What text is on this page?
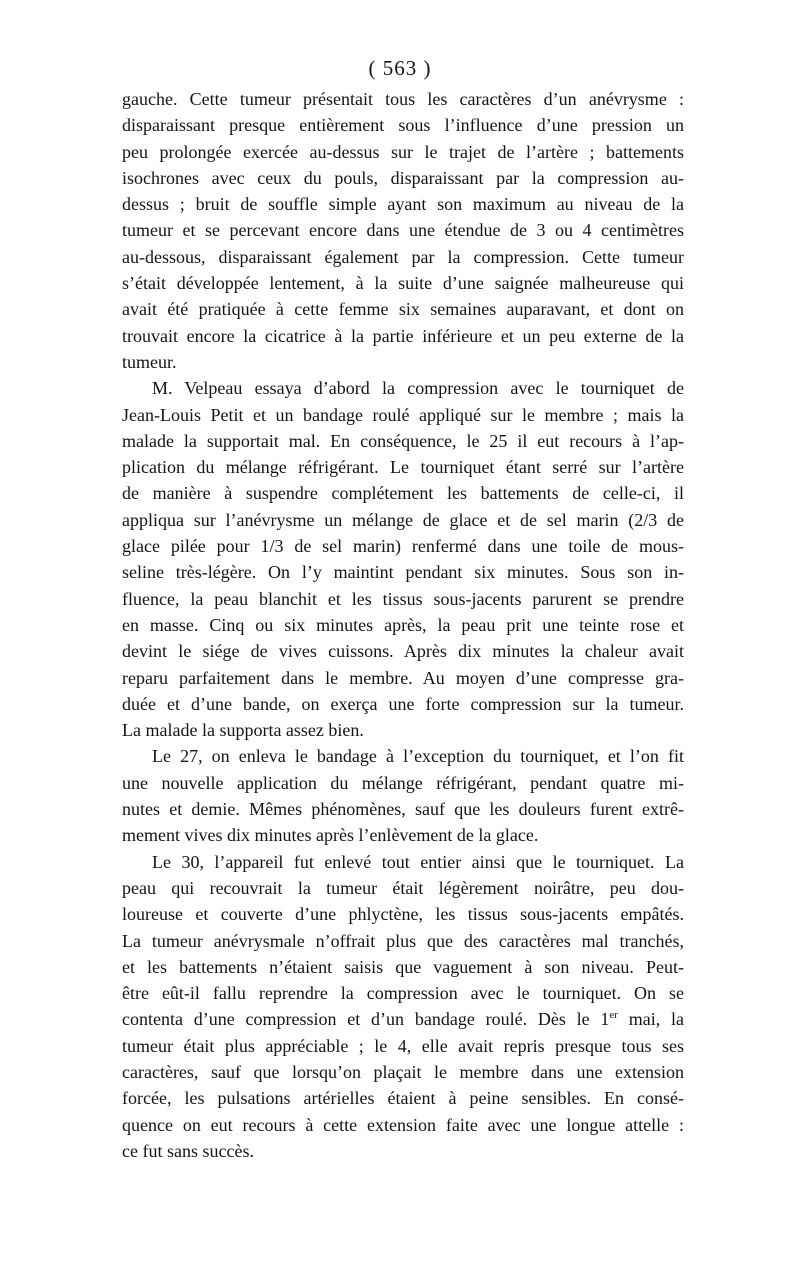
( 563 )
gauche. Cette tumeur présentait tous les caractères d’un anévrysme :
disparaissant presque entièrement sous l’influence d’une pression un
peu prolongée exercée au-dessus sur le trajet de l’artère ; battements
isochrones avec ceux du pouls, disparaissant par la compression au-
dessus ; bruit de souffle simple ayant son maximum au niveau de la
tumeur et se percevant encore dans une étendue de 3 ou 4 centimètres
au-dessous, disparaissant également par la compression. Cette tumeur
s’était développée lentement, à la suite d’une saignée malheureuse qui
avait été pratiquée à cette femme six semaines auparavant, et dont on
trouvait encore la cicatrice à la partie inférieure et un peu externe de la
tumeur.
M. Velpeau essaya d’abord la compression avec le tourniquet de
Jean-Louis Petit et un bandage roulé appliqué sur le membre ; mais la
malade la supportait mal. En conséquence, le 25 il eut recours à l’ap-
plication du mélange réfrigérant. Le tourniquet étant serré sur l’artère
de manière à suspendre complétement les battements de celle-ci, il
appliqua sur l’anévrysme un mélange de glace et de sel marin (2/3 de
glace pilée pour 1/3 de sel marin) renfermé dans une toile de mous-
seline très-légère. On l’y maintint pendant six minutes. Sous son in-
fluence, la peau blanchit et les tissus sous-jacents parurent se prendre
en masse. Cinq ou six minutes après, la peau prit une teinte rose et
devint le siége de vives cuissons. Après dix minutes la chaleur avait
reparu parfaitement dans le membre. Au moyen d’une compresse gra-
duée et d’une bande, on exerça une forte compression sur la tumeur.
La malade la supporta assez bien.
Le 27, on enleva le bandage à l’exception du tourniquet, et l’on fit
une nouvelle application du mélange réfrigérant, pendant quatre mi-
nutes et demie. Mêmes phénomènes, sauf que les douleurs furent extrê-
mement vives dix minutes après l’enlèvement de la glace.
Le 30, l’appareil fut enlevé tout entier ainsi que le tourniquet. La
peau qui recouvrait la tumeur était légèrement noirâtre, peu dou-
loureuse et couverte d’une phlyctène, les tissus sous-jacents empâtés.
La tumeur anévrysmale n’offrait plus que des caractères mal tranchés,
et les battements n’étaient saisis que vaguement à son niveau. Peut-
être eût-il fallu reprendre la compression avec le tourniquet. On se
contenta d’une compression et d’un bandage roulé. Dès le 1er mai, la
tumeur était plus appréciable ; le 4, elle avait repris presque tous ses
caractères, sauf que lorsqu’on plaçait le membre dans une extension
forcée, les pulsations artérielles étaient à peine sensibles. En consé-
quence on eut recours à cette extension faite avec une longue attelle :
ce fut sans succès.
